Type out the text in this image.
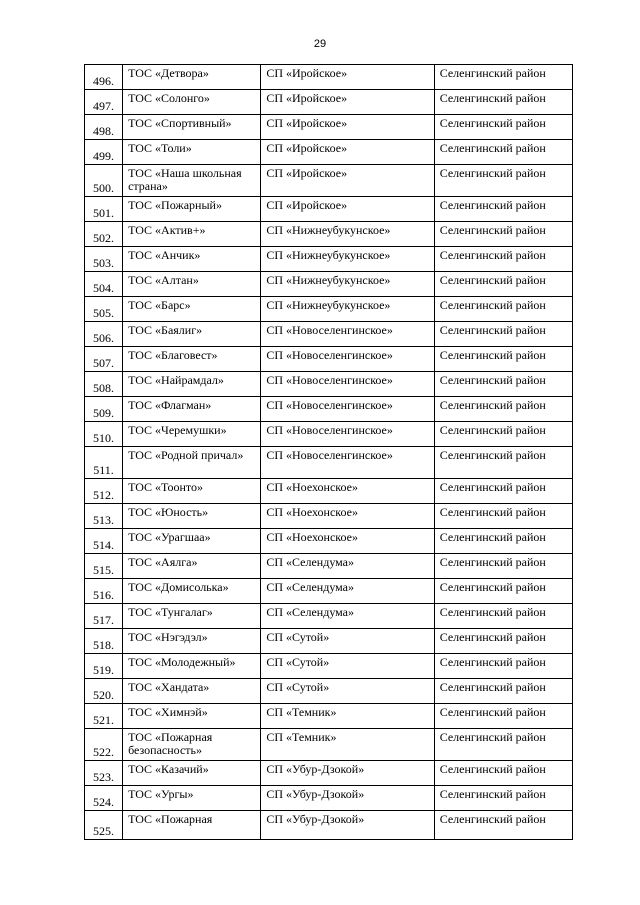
29
496.	ТОС «Детвора»	СП «Иройское»	Селенгинский район

497.	ТОС «Солонго»	СП «Иройское»	Селенгинский район

498.	ТОС «Спортивный»	СП «Иройское»	Селенгинский район

499.	ТОС «Толи»	СП «Иройское»	Селенгинский район

500.	ТОС «Наша школьная страна»	СП «Иройское»	Селенгинский район

501.	ТОС «Пожарный»	СП «Иройское»	Селенгинский район

502.	ТОС «Актив+»	СП «Нижнеубукунское»	Селенгинский район

503.	ТОС «Анчик»	СП «Нижнеубукунское»	Селенгинский район

504.	ТОС «Алтан»	СП «Нижнеубукунское»	Селенгинский район

505.	ТОС «Барс»	СП «Нижнеубукунское»	Селенгинский район

506.	ТОС «Баялиг»	СП «Новоселенгинское»	Селенгинский район

507.	ТОС «Благовест»	СП «Новоселенгинское»	Селенгинский район

508.	ТОС «Найрамдал»	СП «Новоселенгинское»	Селенгинский район

509.	ТОС «Флагман»	СП «Новоселенгинское»	Селенгинский район

510.	ТОС «Черемушки»	СП «Новоселенгинское»	Селенгинский район

511.	ТОС «Родной причал»	СП «Новоселенгинское»	Селенгинский район

512.	ТОС «Тоонто»	СП «Ноехонское»	Селенгинский район

513.	ТОС «Юность»	СП «Ноехонское»	Селенгинский район

514.	ТОС «Урагшаа»	СП «Ноехонское»	Селенгинский район

515.	ТОС «Аялга»	СП «Селендума»	Селенгинский район

516.	ТОС «Домисолька»	СП «Селендума»	Селенгинский район

517.	ТОС «Тунгалаг»	СП «Селендума»	Селенгинский район

518.	ТОС «Нэгэдэл»	СП «Сутой»	Селенгинский район

519.	ТОС «Молодежный»	СП «Сутой»	Селенгинский район

520.	ТОС «Хандата»	СП «Сутой»	Селенгинский район

521.	ТОС «Химнэй»	СП «Темник»	Селенгинский район

522.	ТОС «Пожарная безопасность»	СП «Темник»	Селенгинский район

523.	ТОС «Казачий»	СП «Убур-Дзокой»	Селенгинский район

524.	ТОС «Ургы»	СП «Убур-Дзокой»	Селенгинский район

525.	ТОС «Пожарная	СП «Убур-Дзокой»	Селенгинский район
